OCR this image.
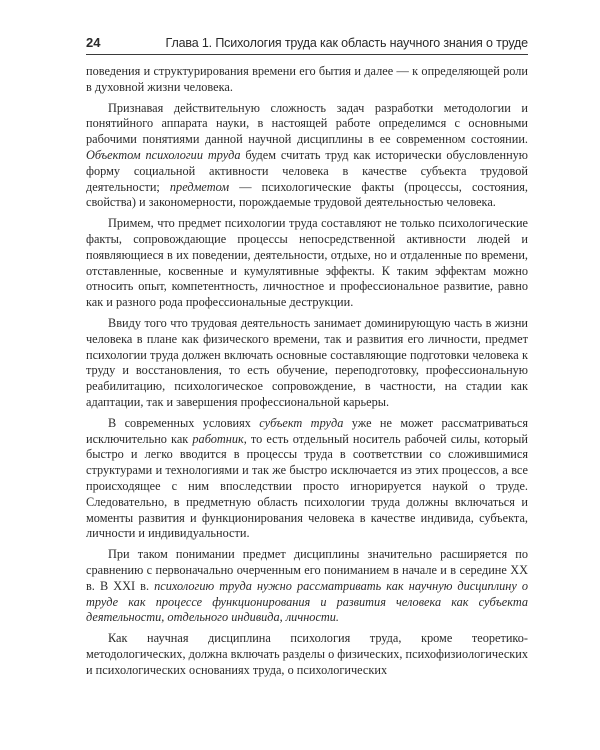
24	Глава 1. Психология труда как область научного знания о труде

поведения и структурирования времени его бытия и далее — к определяющей роли в духовной жизни человека.

Признавая действительную сложность задач разработки методологии и понятийного аппарата науки, в настоящей работе определимся с основными рабочими понятиями данной научной дисциплины в ее современном состоянии. Объектом психологии труда будем считать труд как исторически обусловленную форму социальной активности человека в качестве субъекта трудовой деятельности; предметом — психологические факты (процессы, состояния, свойства) и закономерности, порождаемые трудовой деятельностью человека.

Примем, что предмет психологии труда составляют не только психологические факты, сопровождающие процессы непосредственной активности людей и появляющиеся в их поведении, деятельности, отдыхе, но и отдаленные по времени, отставленные, косвенные и кумулятивные эффекты. К таким эффектам можно относить опыт, компетентность, личностное и профессиональное развитие, равно как и разного рода профессиональные деструкции.

Ввиду того что трудовая деятельность занимает доминирующую часть в жизни человека в плане как физического времени, так и развития его личности, предмет психологии труда должен включать основные составляющие подготовки человека к труду и восстановления, то есть обучение, переподготовку, профессиональную реабилитацию, психологическое сопровождение, в частности, на стадии как адаптации, так и завершения профессиональной карьеры.

В современных условиях субъект труда уже не может рассматриваться исключительно как работник, то есть отдельный носитель рабочей силы, который быстро и легко вводится в процессы труда в соответствии со сложившимися структурами и технологиями и так же быстро исключается из этих процессов, а все происходящее с ним впоследствии просто игнорируется наукой о труде. Следовательно, в предметную область психологии труда должны включаться и моменты развития и функционирования человека в качестве индивида, субъекта, личности и индивидуальности.

При таком понимании предмет дисциплины значительно расширяется по сравнению с первоначально очерченным его пониманием в начале и в середине XX в. В XXI в. психологию труда нужно рассматривать как научную дисциплину о труде как процессе функционирования и развития человека как субъекта деятельности, отдельного индивида, личности.

Как научная дисциплина психология труда, кроме теоретико-методологических, должна включать разделы о физических, психофизиологических и психологических основаниях труда, о психологических
